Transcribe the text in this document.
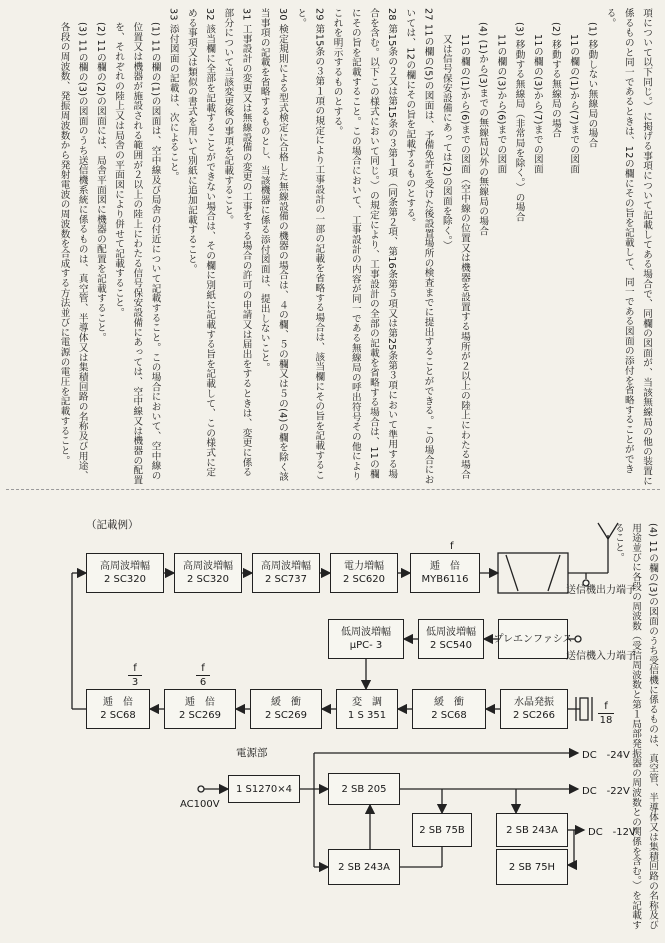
項について以下同じ。）に掲げる事項について記載してある場合で、同欄の図面が、当該無線局の他の装置に係るものと同一であるときは、12の欄にその旨を記載して、同一である図面の添付を省略することができる。
(1) 移動しない無線局の場合
11の欄の(1)から(7)までの図面
(2) 移動する無線局の場合
11の欄の(3)から(7)までの図面
(3) 移動する無線局（非常局を除く。）の場合
11の欄の(3)から(6)までの図面
(4) (1)から(3)までの無線局以外の無線局の場合
11の欄の(1)から(6)までの図面（空中線の位置又は機器を設置する場所が２以上の陸上にわたる場合又は信号保安設備にあっては(2)の図面を除く。）
27 11の欄の(5)の図面は、予備免許を受けた後設置場所の検査までに提出することができる。この場合においては、12の欄にその旨を記載するものとする。
28 第15条の２又は第15条の３第１項（同条第２項、第16条第５項又は第25条第３項において準用する場合を含む。以下この様式において同じ。）の規定により、工事設計の全部の記載を省略する場合は、11の欄にその旨を記載すること。この場合において、工事設計の内容が同一である無線局の呼出符号その他によりこれを明示するものとする。
29 第15条の３第１項の規定により工事設計の一部の記載を省略する場合は、該当欄にその旨を記載すること。
30 検定規則による型式検定に合格した無線設備の機器の場合は、４の欄、５の欄又は５の(4)の欄を除く該当事項の記載を省略するものとし、当該機器に係る添付図面は、提出しないこと。
31 工事設計の変更又は無線設備の変更の工事をする場合の許可の申請又は届出をするときは、変更に係る部分について当該変更後の事項を記載すること。
32 該当欄に全部を記載することができない場合は、その欄に別紙に記載する旨を記載して、この様式に定める事項又は類似の書式を用いて別紙に追加記載すること。
33 添付図面の記載は、次によること。
(1) 11の欄の(1)の図面は、空中線及び局舎の付近について記載すること。この場合において、空中線の位置又は機器が施設される範囲が２以上の陸上にわたる信号保安設備にあっては、空中線又は機器の配置を、それぞれの陸上又は局舎の平面図により併せて記載すること。
(2) 11の欄の(2)の図面には、局舎平面図に機器の配置を記載すること。
(3) 11の欄の(3)の図面のうち送信機系統に係るものは、真空管、半導体又は集積回路の名称及び用途、各段の周波数、発振周波数から発射電波の周波数を合成する方法並びに電源の電圧を記載すること。
（記載例）
高周波増幅
2 SC320
高周波増幅
2 SC320
高周波増幅
2 SC737
電力増幅
2 SC620
逓　倍
MYB6116
送信機出力端子
f
低周波増幅
μPC- 3
低周波増幅
2 SC540
プレエンファシス
送信機入力端子
逓　倍
2 SC68
逓　倍
2 SC269
緩　衝
2 SC269
変　調
1 S 351
緩　衝
2 SC68
水晶発振
2 SC266
f
3
f
6
f
18
電源部
AC100V
1 S1270×4	2 SB 205
2 SB 75B	2 SB 243A
2 SB 243A	2 SB 75H
DC　-24V
DC　-22V
DC　-12V	(4) 11の欄の(3)の図面のうち受信機に係るものは、真空管、半導体又は集積回路の名称及び用途並びに各段の周波数（受信周波数と第１局部発振器の周波数との関係を含む。）を記載すること。
